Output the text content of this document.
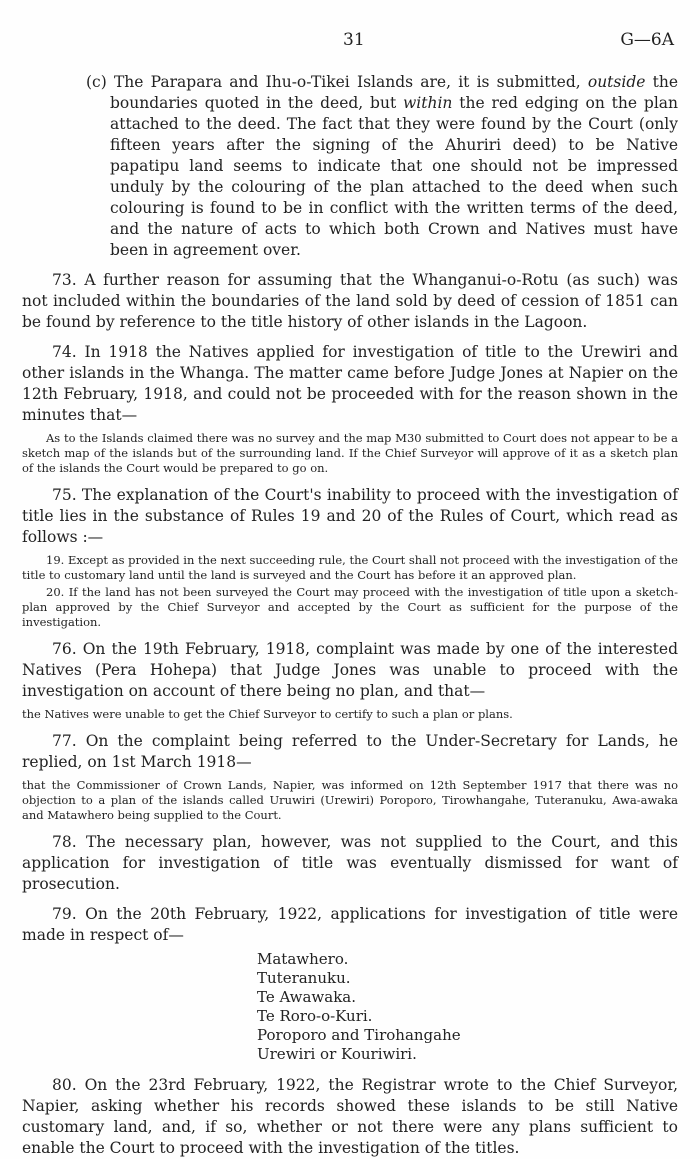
31	G—6A

(c) The Parapara and Ihu-o-Tikei Islands are, it is submitted, outside the boundaries quoted in the deed, but within the red edging on the plan attached to the deed. The fact that they were found by the Court (only fifteen years after the signing of the Ahuriri deed) to be Native papatipu land seems to indicate that one should not be impressed unduly by the colouring of the plan attached to the deed when such colouring is found to be in conflict with the written terms of the deed, and the nature of acts to which both Crown and Natives must have been in agreement over.

73. A further reason for assuming that the Whanganui-o-Rotu (as such) was not included within the boundaries of the land sold by deed of cession of 1851 can be found by reference to the title history of other islands in the Lagoon.

74. In 1918 the Natives applied for investigation of title to the Urewiri and other islands in the Whanga. The matter came before Judge Jones at Napier on the 12th February, 1918, and could not be proceeded with for the reason shown in the minutes that—

As to the Islands claimed there was no survey and the map M30 submitted to Court does not appear to be a sketch map of the islands but of the surrounding land. If the Chief Surveyor will approve of it as a sketch plan of the islands the Court would be prepared to go on.

75. The explanation of the Court's inability to proceed with the investigation of title lies in the substance of Rules 19 and 20 of the Rules of Court, which read as follows :—

19. Except as provided in the next succeeding rule, the Court shall not proceed with the investigation of the title to customary land until the land is surveyed and the Court has before it an approved plan.

20. If the land has not been surveyed the Court may proceed with the investigation of title upon a sketch-plan approved by the Chief Surveyor and accepted by the Court as sufficient for the purpose of the investigation.

76. On the 19th February, 1918, complaint was made by one of the interested Natives (Pera Hohepa) that Judge Jones was unable to proceed with the investigation on account of there being no plan, and that—

the Natives were unable to get the Chief Surveyor to certify to such a plan or plans.

77. On the complaint being referred to the Under-Secretary for Lands, he replied, on 1st March 1918—

that the Commissioner of Crown Lands, Napier, was informed on 12th September 1917 that there was no objection to a plan of the islands called Uruwiri (Urewiri) Poroporo, Tirowhangahe, Tuteranuku, Awa-awaka and Matawhero being supplied to the Court.

78. The necessary plan, however, was not supplied to the Court, and this application for investigation of title was eventually dismissed for want of prosecution.

79. On the 20th February, 1922, applications for investigation of title were made in respect of—

Matawhero.
Tuteranuku.
Te Awawaka.
Te Roro-o-Kuri.
Poroporo and Tirohangahe
Urewiri or Kouriwiri.

80. On the 23rd February, 1922, the Registrar wrote to the Chief Surveyor, Napier, asking whether his records showed these islands to be still Native customary land, and, if so, whether or not there were any plans sufficient to enable the Court to proceed with the investigation of the titles.
